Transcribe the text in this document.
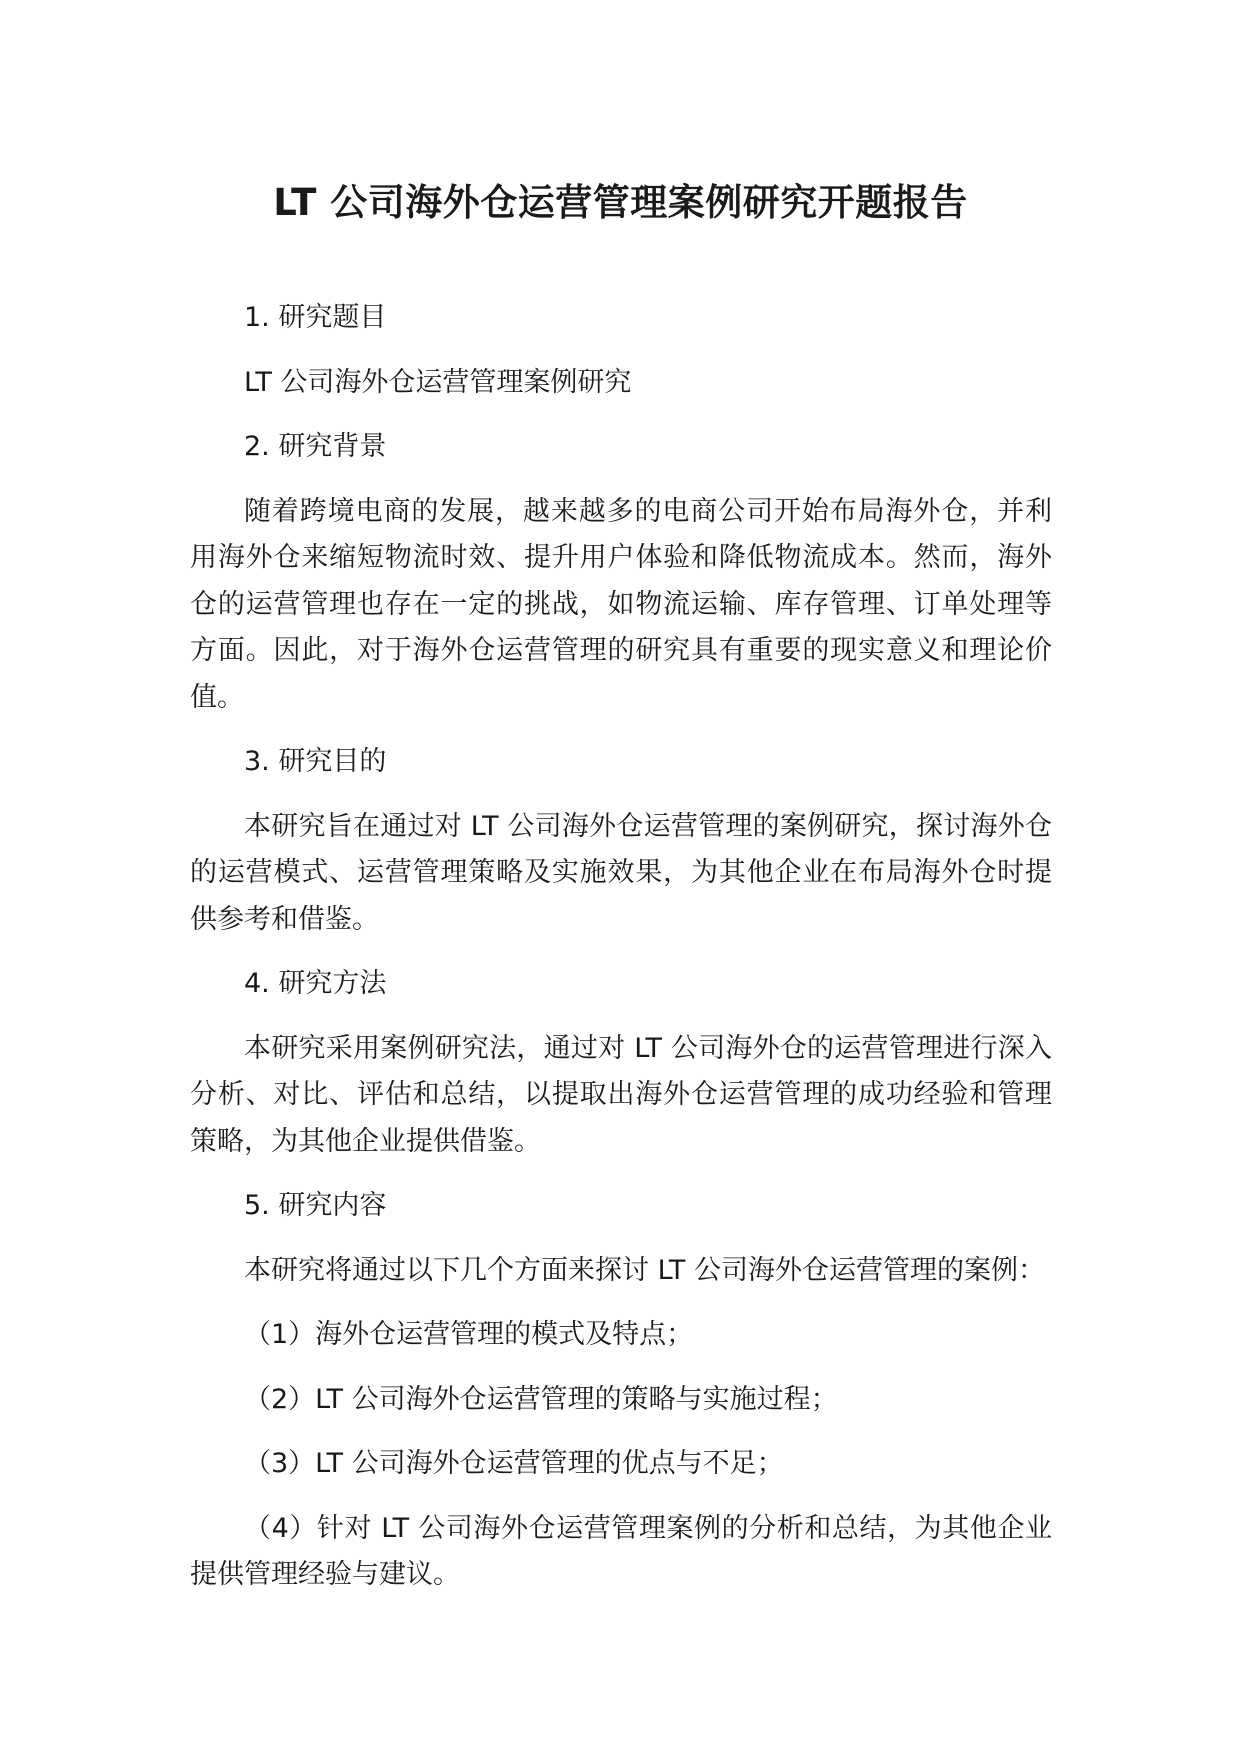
LT 公司海外仓运营管理案例研究开题报告

1. 研究题目

LT 公司海外仓运营管理案例研究

2. 研究背景

随着跨境电商的发展，越来越多的电商公司开始布局海外仓，并利用海外仓来缩短物流时效、提升用户体验和降低物流成本。然而，海外仓的运营管理也存在一定的挑战，如物流运输、库存管理、订单处理等方面。因此，对于海外仓运营管理的研究具有重要的现实意义和理论价值。

3. 研究目的

本研究旨在通过对 LT 公司海外仓运营管理的案例研究，探讨海外仓的运营模式、运营管理策略及实施效果，为其他企业在布局海外仓时提供参考和借鉴。

4. 研究方法

本研究采用案例研究法，通过对 LT 公司海外仓的运营管理进行深入分析、对比、评估和总结，以提取出海外仓运营管理的成功经验和管理策略，为其他企业提供借鉴。

5. 研究内容

本研究将通过以下几个方面来探讨 LT 公司海外仓运营管理的案例：

（1）海外仓运营管理的模式及特点；

（2）LT 公司海外仓运营管理的策略与实施过程；

（3）LT 公司海外仓运营管理的优点与不足；

（4）针对 LT 公司海外仓运营管理案例的分析和总结，为其他企业提供管理经验与建议。
